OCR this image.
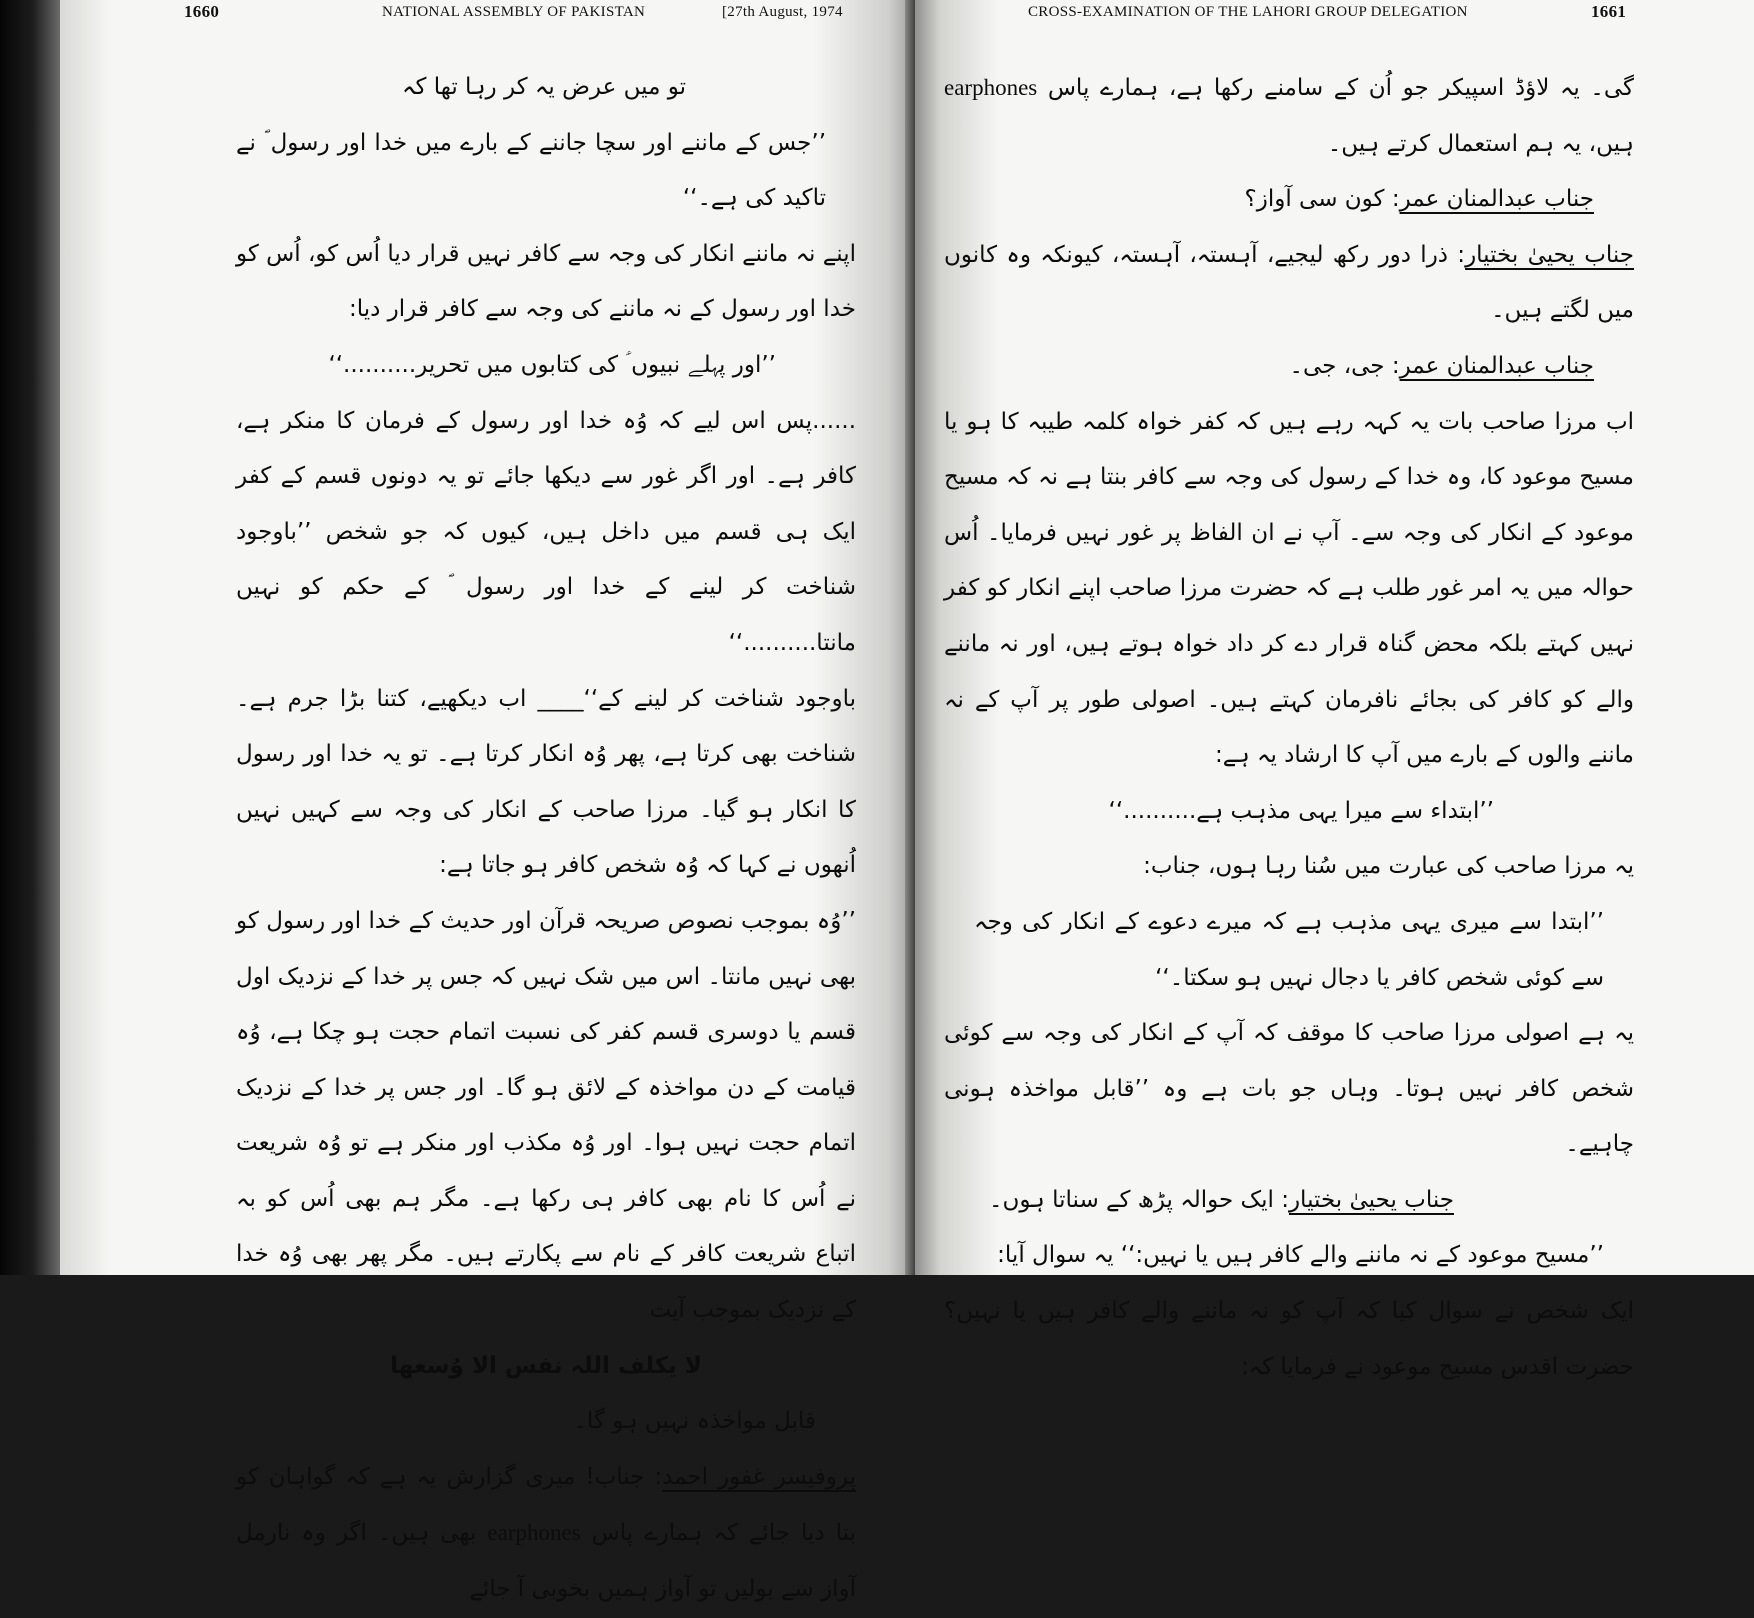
1660	NATIONAL ASSEMBLY OF PAKISTAN	[27th August, 1974

تو میں عرض یہ کر رہا تھا کہ

’’جس کے ماننے اور سچا جاننے کے بارے میں خدا اور رسول ؐ نے تاکید کی ہے۔‘‘

اپنے نہ ماننے انکار کی وجہ سے کافر نہیں قرار دیا اُس کو، اُس کو خدا اور رسول کے نہ ماننے کی وجہ سے کافر قرار دیا:

’’اور پہلے نبیوں ؑ کی کتابوں میں تحریر..........‘‘

......پس اس لیے کہ وُہ خدا اور رسول کے فرمان کا منکر ہے، کافر ہے۔ اور اگر غور سے دیکھا جائے تو یہ دونوں قسم کے کفر ایک ہی قسم میں داخل ہیں، کیوں کہ جو شخص ’’باوجود شناخت کر لینے کے خدا اور رسول ؐ کے حکم کو نہیں مانتا..........‘‘

باوجود شناخت کر لینے کے‘‘____ اب دیکھیے، کتنا بڑا جرم ہے۔ شناخت بھی کرتا ہے، پھر وُہ انکار کرتا ہے۔ تو یہ خدا اور رسول کا انکار ہو گیا۔ مرزا صاحب کے انکار کی وجہ سے کہیں نہیں اُنھوں نے کہا کہ وُہ شخص کافر ہو جاتا ہے:

’’وُہ بموجب نصوص صریحہ قرآن اور حدیث کے خدا اور رسول کو بھی نہیں مانتا۔ اس میں شک نہیں کہ جس پر خدا کے نزدیک اول قسم یا دوسری قسم کفر کی نسبت اتمام حجت ہو چکا ہے، وُہ قیامت کے دن مواخذہ کے لائق ہو گا۔ اور جس پر خدا کے نزدیک اتمام حجت نہیں ہوا۔ اور وُہ مکذب اور منکر ہے تو وُہ شریعت نے اُس کا نام بھی کافر ہی رکھا ہے۔ مگر ہم بھی اُس کو بہ اتباع شریعت کافر کے نام سے پکارتے ہیں۔ مگر پھر بھی وُہ خدا کے نزدیک بموجب آیت

لا یکلف اللہ نفس الا وُسعھا

قابل مواخذہ نہیں ہو گا۔

پروفیسر غفور احمد: جناب! میری گزارش یہ ہے کہ گواہان کو بتا دیا جائے کہ ہمارے پاس earphones بھی ہیں۔ اگر وہ نارمل آواز سے بولیں تو آواز ہمیں بخوبی آ جائے

CROSS-EXAMINATION OF THE LAHORI GROUP DELEGATION	1661

گی۔ یہ لاؤڈ اسپیکر جو اُن کے سامنے رکھا ہے، ہمارے پاس earphones ہیں، یہ ہم استعمال کرتے ہیں۔

جناب عبدالمنان عمر: کون سی آواز؟

جناب یحییٰ بختیار: ذرا دور رکھ لیجیے، آہستہ، آہستہ، کیونکہ وہ کانوں میں لگتے ہیں۔

جناب عبدالمنان عمر: جی، جی۔

اب مرزا صاحب بات یہ کہہ رہے ہیں کہ کفر خواہ کلمہ طیبہ کا ہو یا مسیح موعود کا، وہ خدا کے رسول کی وجہ سے کافر بنتا ہے نہ کہ مسیح موعود کے انکار کی وجہ سے۔ آپ نے ان الفاظ پر غور نہیں فرمایا۔ اُس حوالہ میں یہ امر غور طلب ہے کہ حضرت مرزا صاحب اپنے انکار کو کفر نہیں کہتے بلکہ محض گناہ قرار دے کر داد خواہ ہوتے ہیں، اور نہ ماننے والے کو کافر کی بجائے نافرمان کہتے ہیں۔ اصولی طور پر آپ کے نہ ماننے والوں کے بارے میں آپ کا ارشاد یہ ہے:

’’ابتداء سے میرا یہی مذہب ہے..........‘‘

یہ مرزا صاحب کی عبارت میں سُنا رہا ہوں، جناب:

’’ابتدا سے میری یہی مذہب ہے کہ میرے دعوے کے انکار کی وجہ سے کوئی شخص کافر یا دجال نہیں ہو سکتا۔‘‘

یہ ہے اصولی مرزا صاحب کا موقف کہ آپ کے انکار کی وجہ سے کوئی شخص کافر نہیں ہوتا۔ وہاں جو بات ہے وہ ’’قابل مواخذہ ہونی چاہیے۔

جناب یحییٰ بختیار: ایک حوالہ پڑھ کے سناتا ہوں۔

’’مسیح موعود کے نہ ماننے والے کافر ہیں یا نہیں:‘‘ یہ سوال آیا:

ایک شخص نے سوال کیا کہ آپ کو نہ ماننے والے کافر ہیں یا نہیں؟ حضرت اقدس مسیح موعود نے فرمایا کہ:
